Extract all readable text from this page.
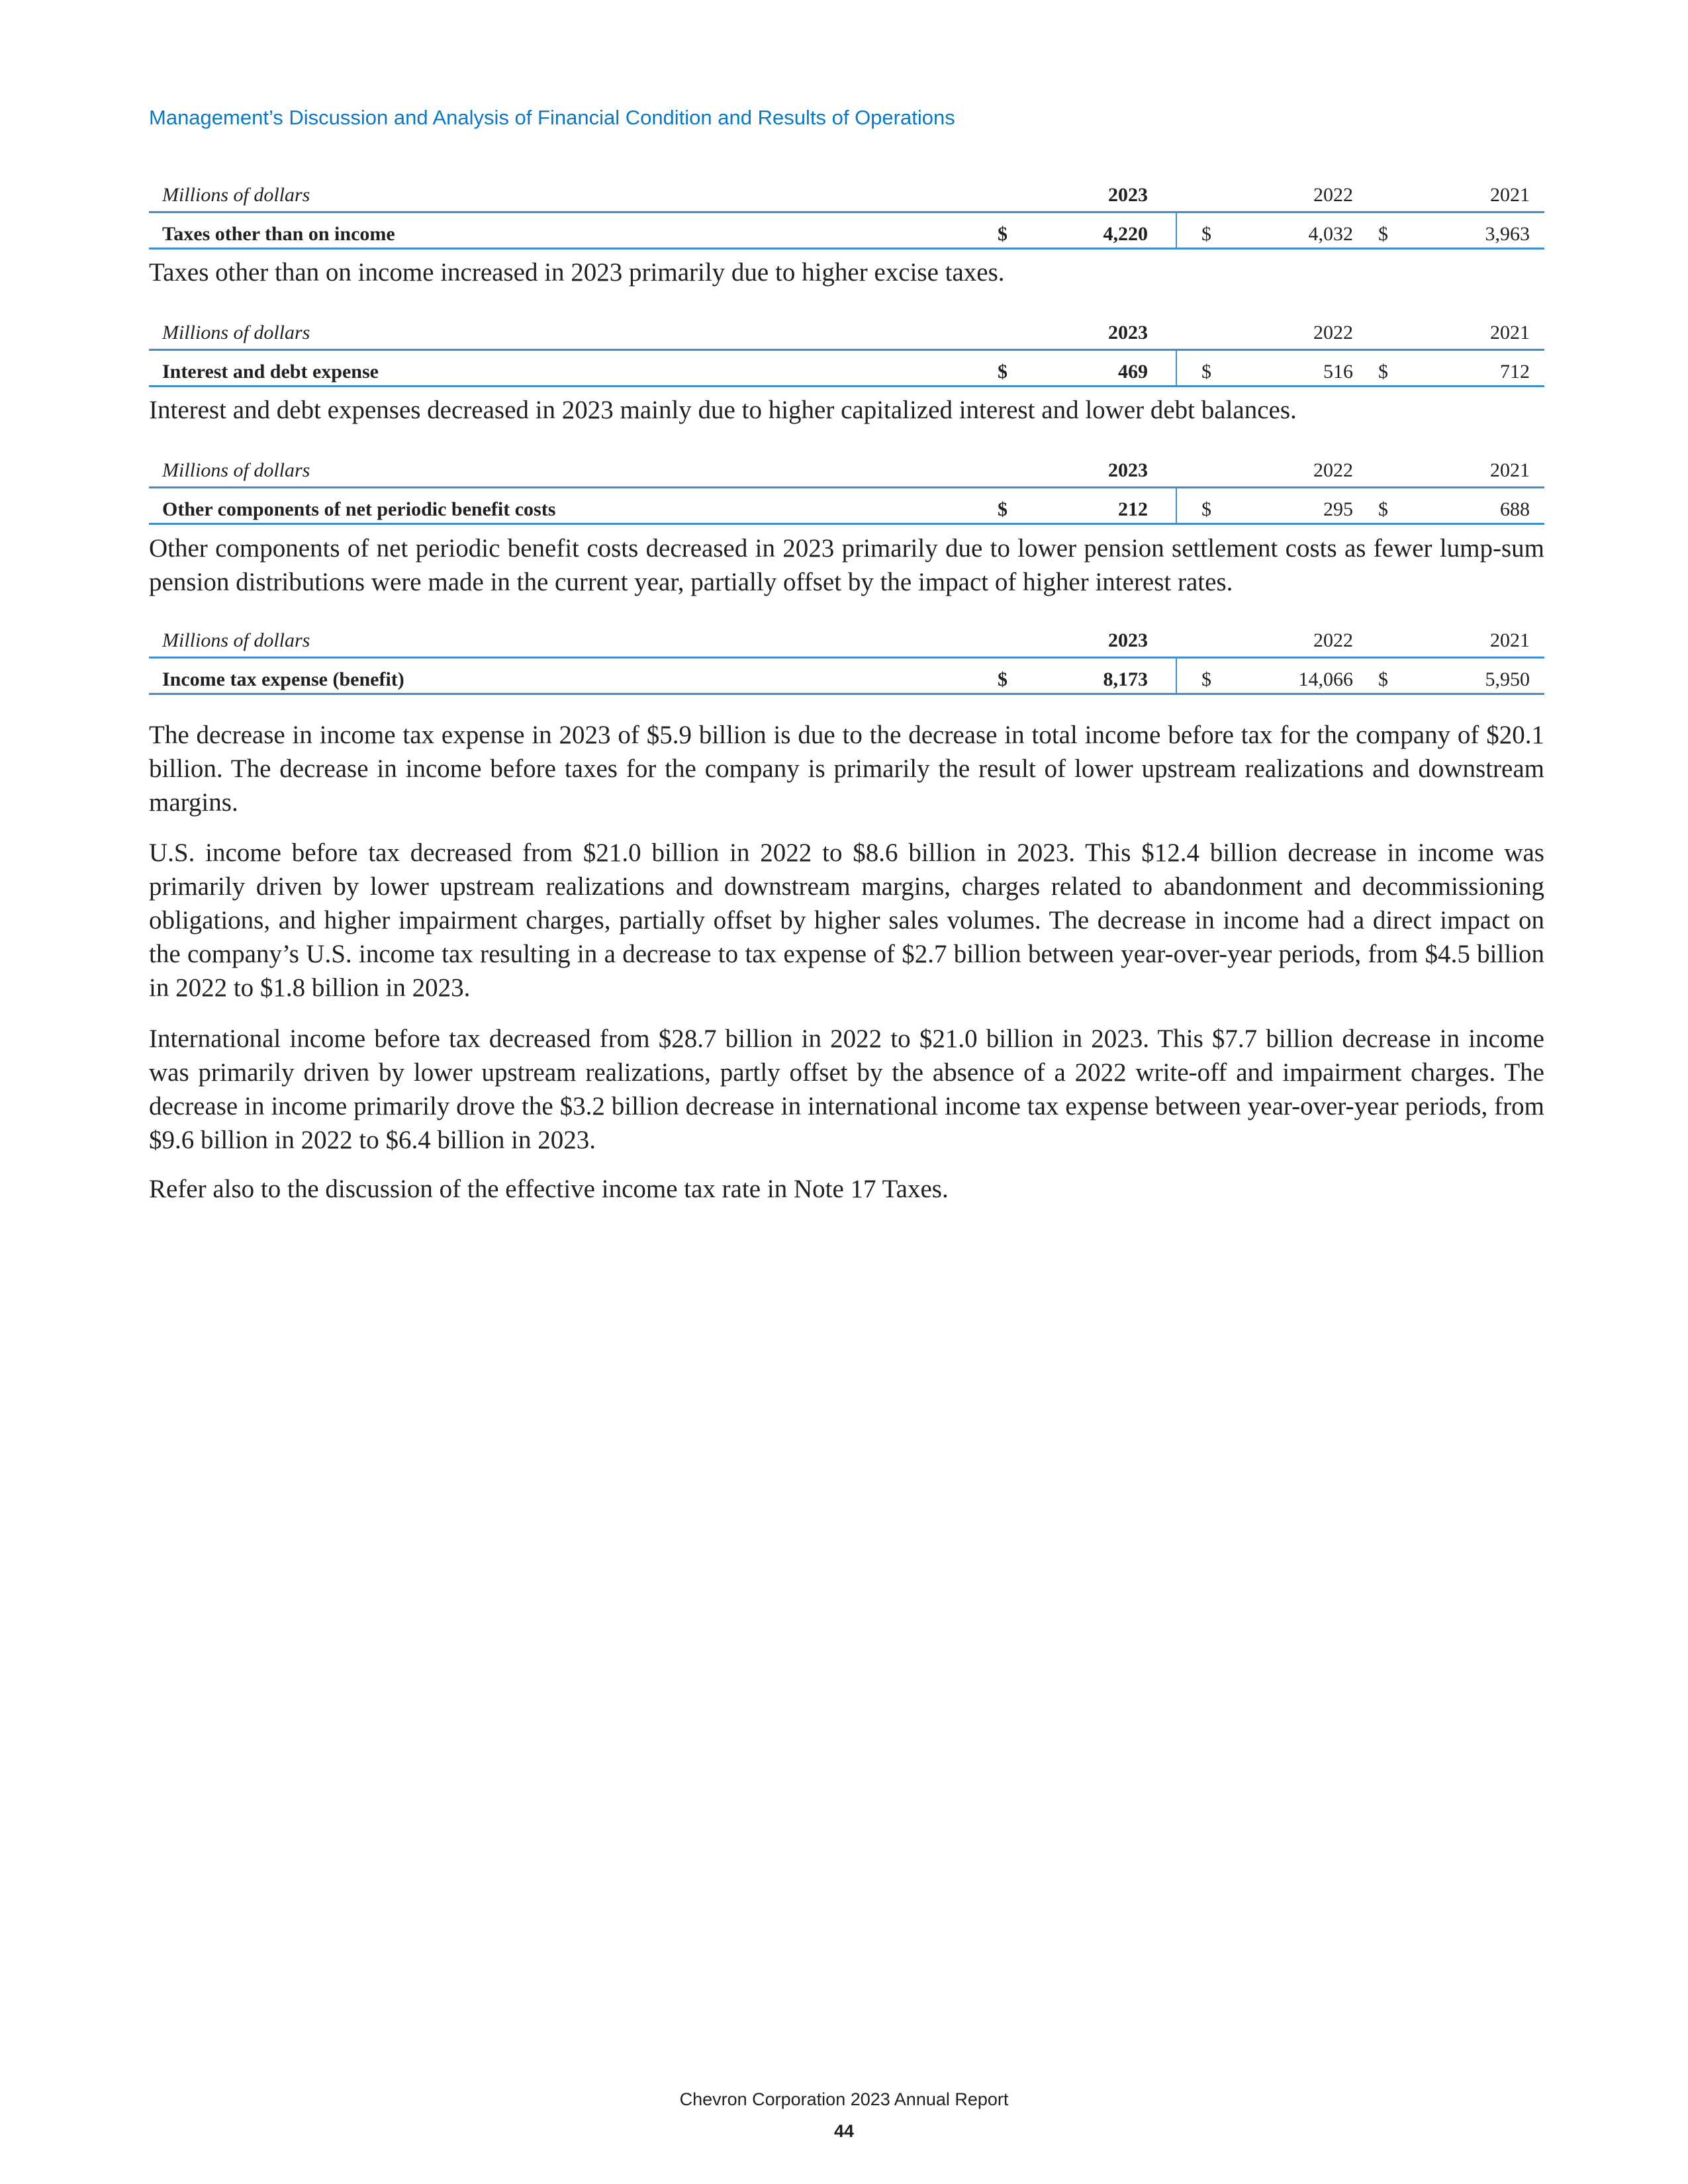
Management’s Discussion and Analysis of Financial Condition and Results of Operations
Millions of dollars	2023	2022	2021
Taxes other than on income	$	4,220	$	4,032 $	3,963

Taxes other than on income increased in 2023 primarily due to higher excise taxes.

Millions of dollars	2023	2022	2021
Interest and debt expense	$	469	$	516 $	712

Interest and debt expenses decreased in 2023 mainly due to higher capitalized interest and lower debt balances.

Millions of dollars	2023	2022	2021
Other components of net periodic benefit costs	$	212	$	295 $	688

Other components of net periodic benefit costs decreased in 2023 primarily due to lower pension settlement costs as fewer lump-sum pension distributions were made in the current year, partially offset by the impact of higher interest rates.

Millions of dollars	2023	2022	2021
Income tax expense (benefit)	$	8,173	$	14,066 $	5,950

The decrease in income tax expense in 2023 of $5.9 billion is due to the decrease in total income before tax for the company of $20.1 billion. The decrease in income before taxes for the company is primarily the result of lower upstream realizations and downstream margins.

U.S. income before tax decreased from $21.0 billion in 2022 to $8.6 billion in 2023. This $12.4 billion decrease in income was primarily driven by lower upstream realizations and downstream margins, charges related to abandonment and decommissioning obligations, and higher impairment charges, partially offset by higher sales volumes. The decrease in income had a direct impact on the company’s U.S. income tax resulting in a decrease to tax expense of $2.7 billion between year-over-year periods, from $4.5 billion in 2022 to $1.8 billion in 2023.

International income before tax decreased from $28.7 billion in 2022 to $21.0 billion in 2023. This $7.7 billion decrease in income was primarily driven by lower upstream realizations, partly offset by the absence of a 2022 write-off and impairment charges. The decrease in income primarily drove the $3.2 billion decrease in international income tax expense between year-over-year periods, from $9.6 billion in 2022 to $6.4 billion in 2023.

Refer also to the discussion of the effective income tax rate in Note 17 Taxes.

Chevron Corporation 2023 Annual Report
44
